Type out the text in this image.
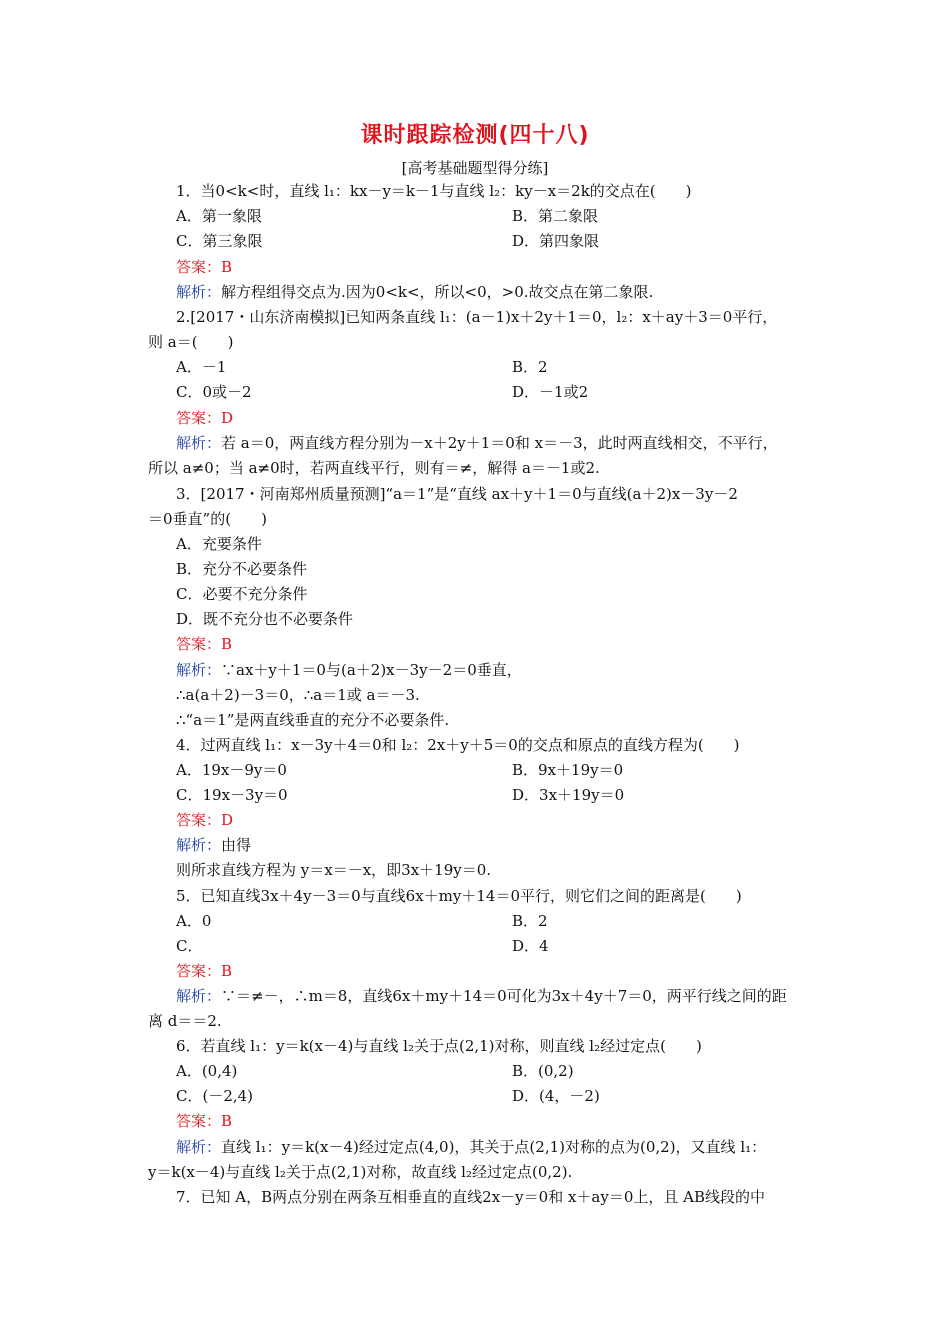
课时跟踪检测(四十八)
[高考基础题型得分练]
1．当0<k<时，直线 l₁：kx－y＝k－1与直线 l₂：ky－x＝2k的交点在(　　)
A．第一象限	B．第二象限
C．第三象限	D．第四象限
答案：B
解析：解方程组得交点为.因为0<k<，所以<0，>0.故交点在第二象限.
2.[2017・山东济南模拟]已知两条直线 l₁：(a－1)x＋2y＋1＝0，l₂：x＋ay＋3＝0平行，
则 a＝(　　)
A．－1	B．2
C．0或－2	D．－1或2
答案：D
解析：若 a＝0，两直线方程分别为－x＋2y＋1＝0和 x＝－3，此时两直线相交，不平行，
所以 a≠0；当 a≠0时，若两直线平行，则有＝≠，解得 a＝－1或2.
3．[2017・河南郑州质量预测]“a＝1”是“直线 ax＋y＋1＝0与直线(a＋2)x－3y－2
＝0垂直”的(　　)
A．充要条件
B．充分不必要条件
C．必要不充分条件
D．既不充分也不必要条件
答案：B
解析：∵ax＋y＋1＝0与(a＋2)x－3y－2＝0垂直，
∴a(a＋2)－3＝0，∴a＝1或 a＝－3.
∴“a＝1”是两直线垂直的充分不必要条件.
4．过两直线 l₁：x－3y＋4＝0和 l₂：2x＋y＋5＝0的交点和原点的直线方程为(　　)
A．19x－9y＝0	B．9x＋19y＝0
C．19x－3y＝0	D．3x＋19y＝0
答案：D
解析：由得
则所求直线方程为 y＝x＝－x，即3x＋19y＝0.
5．已知直线3x＋4y－3＝0与直线6x＋my＋14＝0平行，则它们之间的距离是(　　)
A．0	B．2
C．	D．4
答案：B
解析：∵＝≠－，∴m＝8，直线6x＋my＋14＝0可化为3x＋4y＋7＝0，两平行线之间的距
离 d＝＝2.
6．若直线 l₁：y＝k(x－4)与直线 l₂关于点(2,1)对称，则直线 l₂经过定点(　　)
A．(0,4)	B．(0,2)
C．(－2,4)	D．(4，－2)
答案：B
解析：直线 l₁：y＝k(x－4)经过定点(4,0)，其关于点(2,1)对称的点为(0,2)，又直线 l₁：
y＝k(x－4)与直线 l₂关于点(2,1)对称，故直线 l₂经过定点(0,2).
7．已知 A，B两点分别在两条互相垂直的直线2x－y＝0和 x＋ay＝0上，且 AB线段的中
